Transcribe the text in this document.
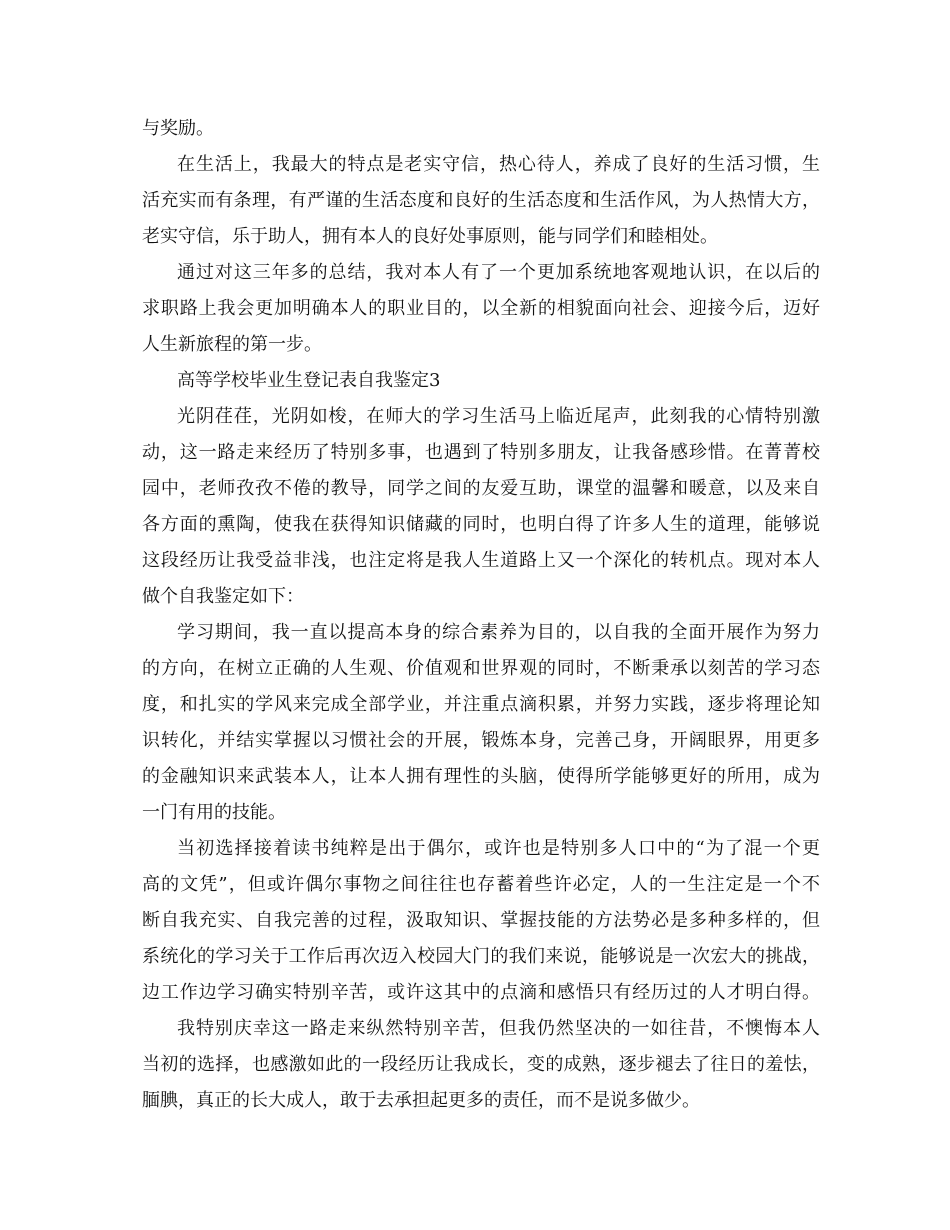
与奖励。

在生活上，我最大的特点是老实守信，热心待人，养成了良好的生活习惯，生

活充实而有条理，有严谨的生活态度和良好的生活态度和生活作风，为人热情大方，

老实守信，乐于助人，拥有本人的良好处事原则，能与同学们和睦相处。

通过对这三年多的总结，我对本人有了一个更加系统地客观地认识，在以后的

求职路上我会更加明确本人的职业目的，以全新的相貌面向社会、迎接今后，迈好

人生新旅程的第一步。

高等学校毕业生登记表自我鉴定3

光阴荏荏，光阴如梭，在师大的学习生活马上临近尾声，此刻我的心情特别激

动，这一路走来经历了特别多事，也遇到了特别多朋友，让我备感珍惜。在菁菁校

园中，老师孜孜不倦的教导，同学之间的友爱互助，课堂的温馨和暖意，以及来自

各方面的熏陶，使我在获得知识储藏的同时，也明白得了许多人生的道理，能够说

这段经历让我受益非浅，也注定将是我人生道路上又一个深化的转机点。现对本人

做个自我鉴定如下：

学习期间，我一直以提高本身的综合素养为目的，以自我的全面开展作为努力

的方向，在树立正确的人生观、价值观和世界观的同时，不断秉承以刻苦的学习态

度，和扎实的学风来完成全部学业，并注重点滴积累，并努力实践，逐步将理论知

识转化，并结实掌握以习惯社会的开展，锻炼本身，完善己身，开阔眼界，用更多

的金融知识来武装本人，让本人拥有理性的头脑，使得所学能够更好的所用，成为

一门有用的技能。

当初选择接着读书纯粹是出于偶尔，或许也是特别多人口中的“为了混一个更

高的文凭”，但或许偶尔事物之间往往也存蓄着些许必定，人的一生注定是一个不

断自我充实、自我完善的过程，汲取知识、掌握技能的方法势必是多种多样的，但

系统化的学习关于工作后再次迈入校园大门的我们来说，能够说是一次宏大的挑战，

边工作边学习确实特别辛苦，或许这其中的点滴和感悟只有经历过的人才明白得。

我特别庆幸这一路走来纵然特别辛苦，但我仍然坚决的一如往昔，不懊悔本人

当初的选择，也感激如此的一段经历让我成长，变的成熟，逐步褪去了往日的羞怯，

腼腆，真正的长大成人，敢于去承担起更多的责任，而不是说多做少。
